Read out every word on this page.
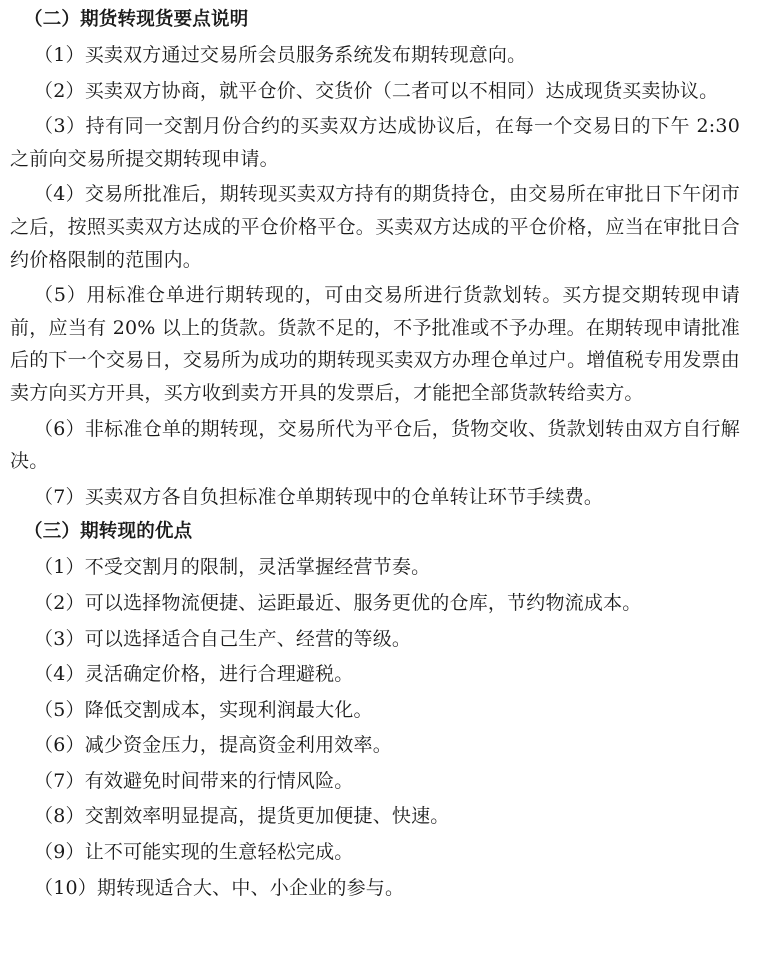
（二）期货转现货要点说明

（1）买卖双方通过交易所会员服务系统发布期转现意向。

（2）买卖双方协商，就平仓价、交货价（二者可以不相同）达成现货买卖协议。

（3）持有同一交割月份合约的买卖双方达成协议后，在每一个交易日的下午 2:30之前向交易所提交期转现申请。

（4）交易所批准后，期转现买卖双方持有的期货持仓，由交易所在审批日下午闭市之后，按照买卖双方达成的平仓价格平仓。买卖双方达成的平仓价格，应当在审批日合约价格限制的范围内。

（5）用标准仓单进行期转现的，可由交易所进行货款划转。买方提交期转现申请前，应当有 20% 以上的货款。货款不足的，不予批准或不予办理。在期转现申请批准后的下一个交易日，交易所为成功的期转现买卖双方办理仓单过户。增值税专用发票由卖方向买方开具，买方收到卖方开具的发票后，才能把全部货款转给卖方。

（6）非标准仓单的期转现，交易所代为平仓后，货物交收、货款划转由双方自行解决。

（7）买卖双方各自负担标准仓单期转现中的仓单转让环节手续费。

（三）期转现的优点

（1）不受交割月的限制，灵活掌握经营节奏。

（2）可以选择物流便捷、运距最近、服务更优的仓库，节约物流成本。

（3）可以选择适合自己生产、经营的等级。

（4）灵活确定价格，进行合理避税。

（5）降低交割成本，实现利润最大化。

（6）减少资金压力，提高资金利用效率。

（7）有效避免时间带来的行情风险。

（8）交割效率明显提高，提货更加便捷、快速。

（9）让不可能实现的生意轻松完成。

（10）期转现适合大、中、小企业的参与。
